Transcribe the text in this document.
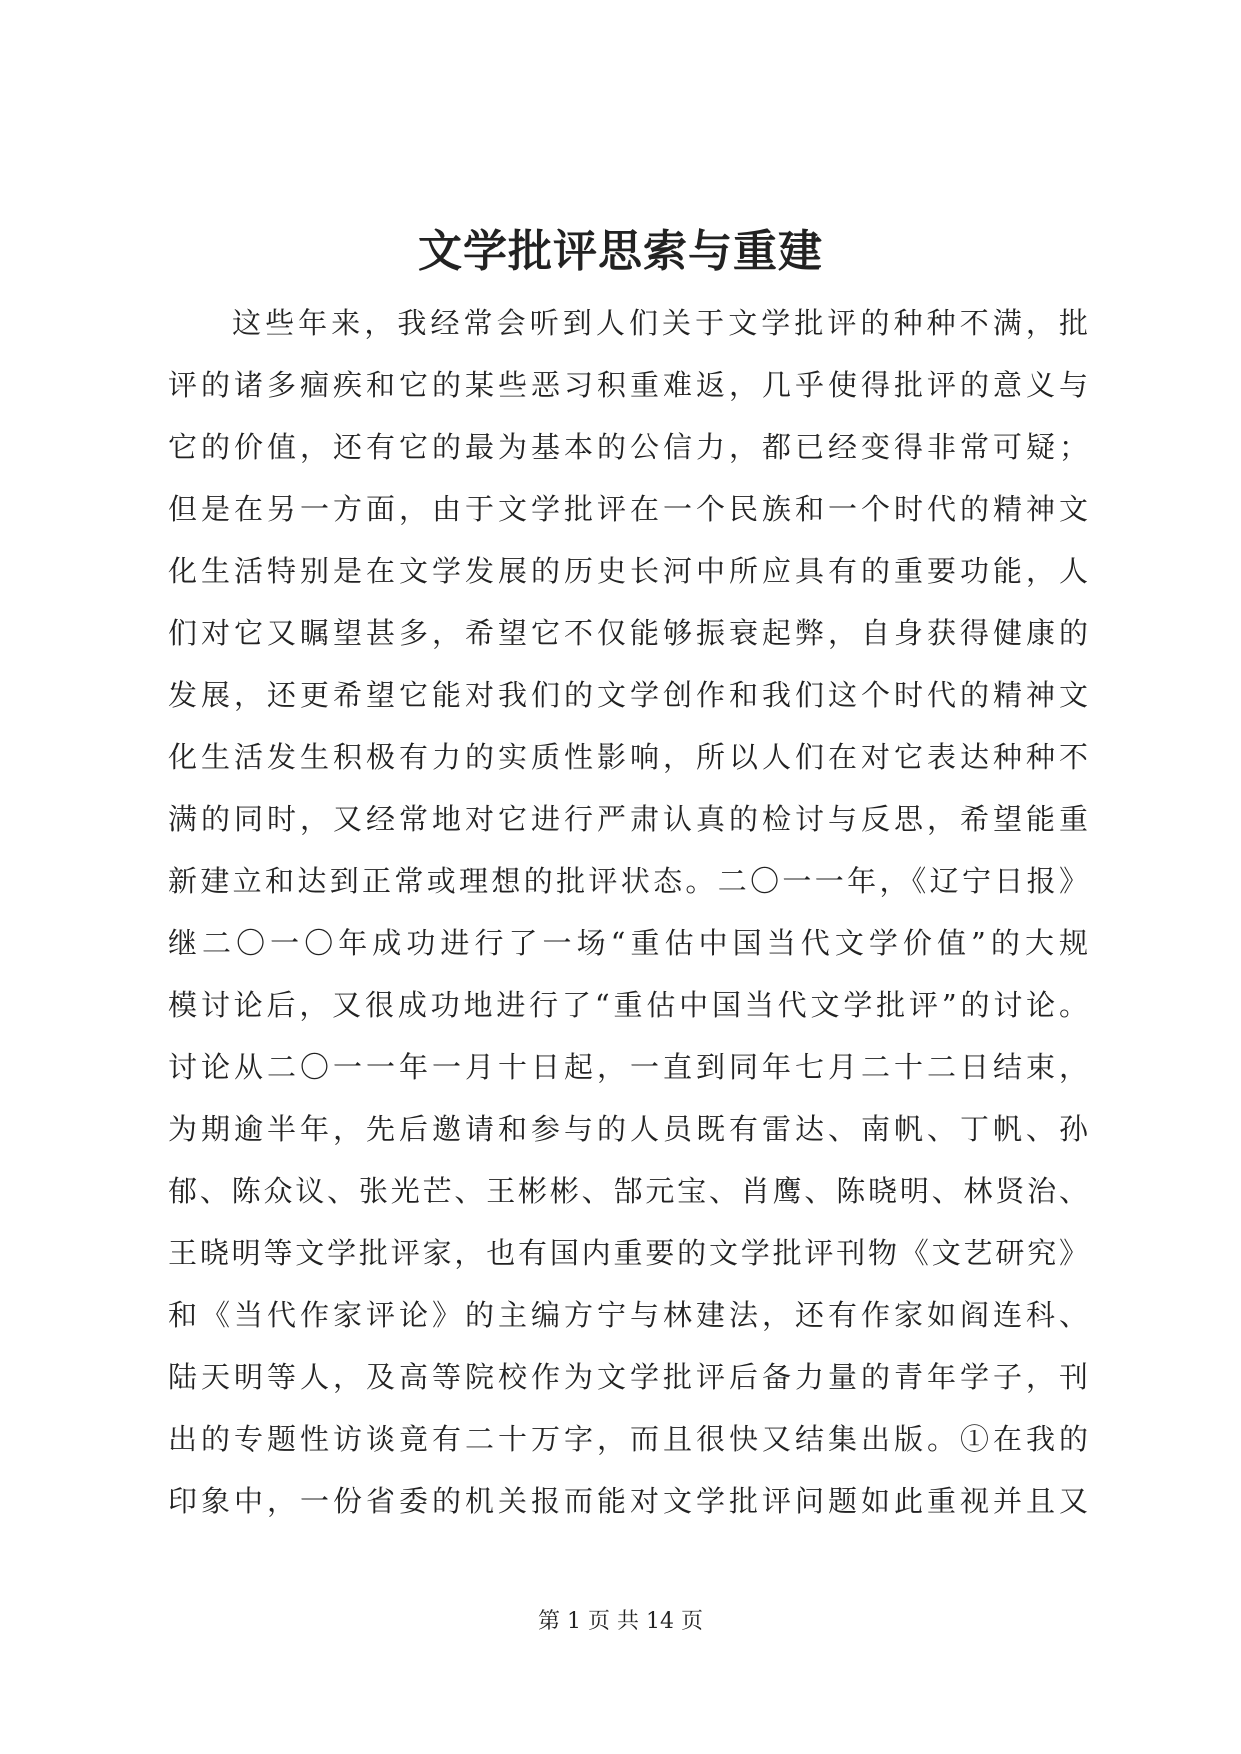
文学批评思索与重建
这些年来，我经常会听到人们关于文学批评的种种不满，批
评的诸多痼疾和它的某些恶习积重难返，几乎使得批评的意义与
它的价值，还有它的最为基本的公信力，都已经变得非常可疑；
但是在另一方面，由于文学批评在一个民族和一个时代的精神文
化生活特别是在文学发展的历史长河中所应具有的重要功能，人
们对它又瞩望甚多，希望它不仅能够振衰起弊，自身获得健康的
发展，还更希望它能对我们的文学创作和我们这个时代的精神文
化生活发生积极有力的实质性影响，所以人们在对它表达种种不
满的同时，又经常地对它进行严肃认真的检讨与反思，希望能重
新建立和达到正常或理想的批评状态。二〇一一年，《辽宁日报》
继二〇一〇年成功进行了一场“重估中国当代文学价值”的大规
模讨论后，又很成功地进行了“重估中国当代文学批评”的讨论。
讨论从二〇一一年一月十日起，一直到同年七月二十二日结束，
为期逾半年，先后邀请和参与的人员既有雷达、南帆、丁帆、孙
郁、陈众议、张光芒、王彬彬、郜元宝、肖鹰、陈晓明、林贤治、
王晓明等文学批评家，也有国内重要的文学批评刊物《文艺研究》
和《当代作家评论》的主编方宁与林建法，还有作家如阎连科、
陆天明等人，及高等院校作为文学批评后备力量的青年学子，刊
出的专题性访谈竟有二十万字，而且很快又结集出版。①在我的
印象中，一份省委的机关报而能对文学批评问题如此重视并且又
第 1 页 共 14 页
